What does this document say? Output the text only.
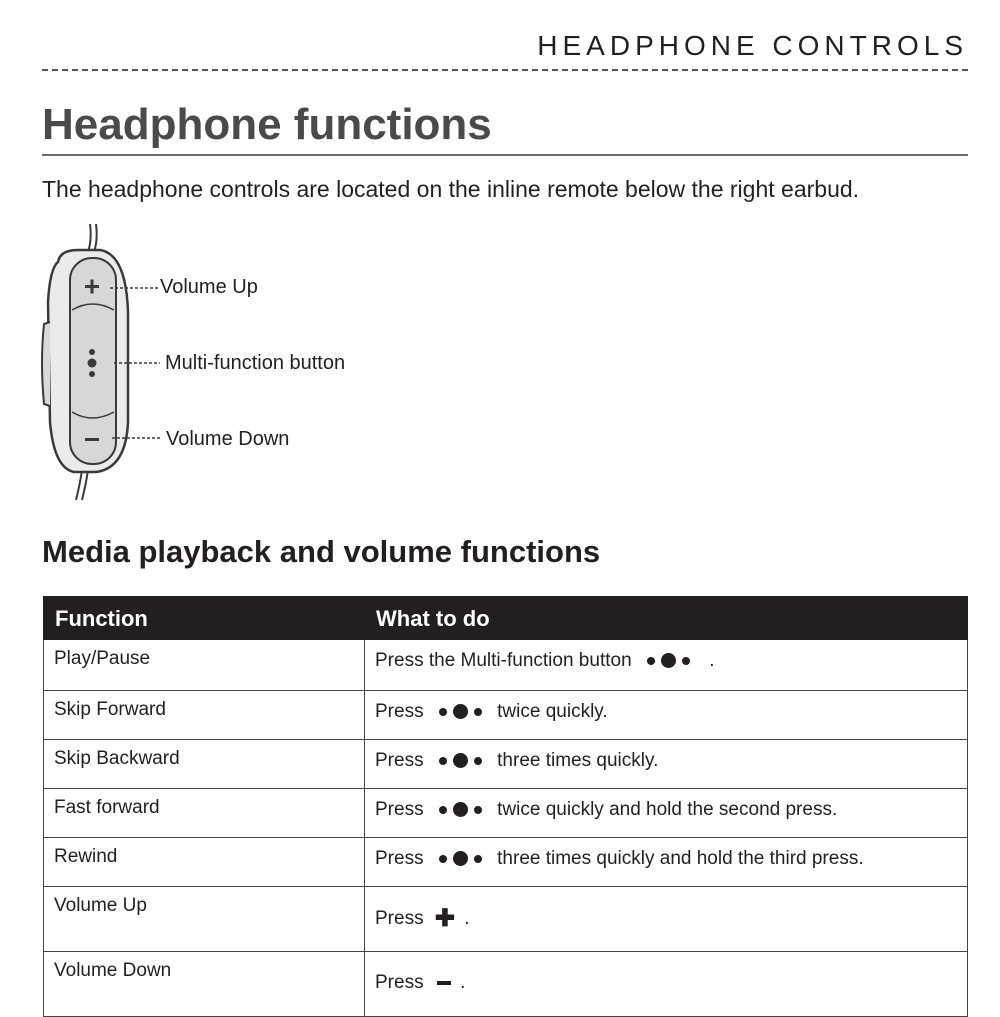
HEADPHONE CONTROLS
Headphone functions
The headphone controls are located on the inline remote below the right earbud.
Volume Up
Multi-function button
Volume Down
Media playback and volume functions
Function	What to do
Play/Pause	Press the Multi-function button .
Skip Forward	Press twice quickly.
Skip Backward	Press three times quickly.
Fast forward	Press twice quickly and hold the second press.
Rewind	Press three times quickly and hold the third press.
Volume Up	Press ✚ .
Volume Down	Press .
